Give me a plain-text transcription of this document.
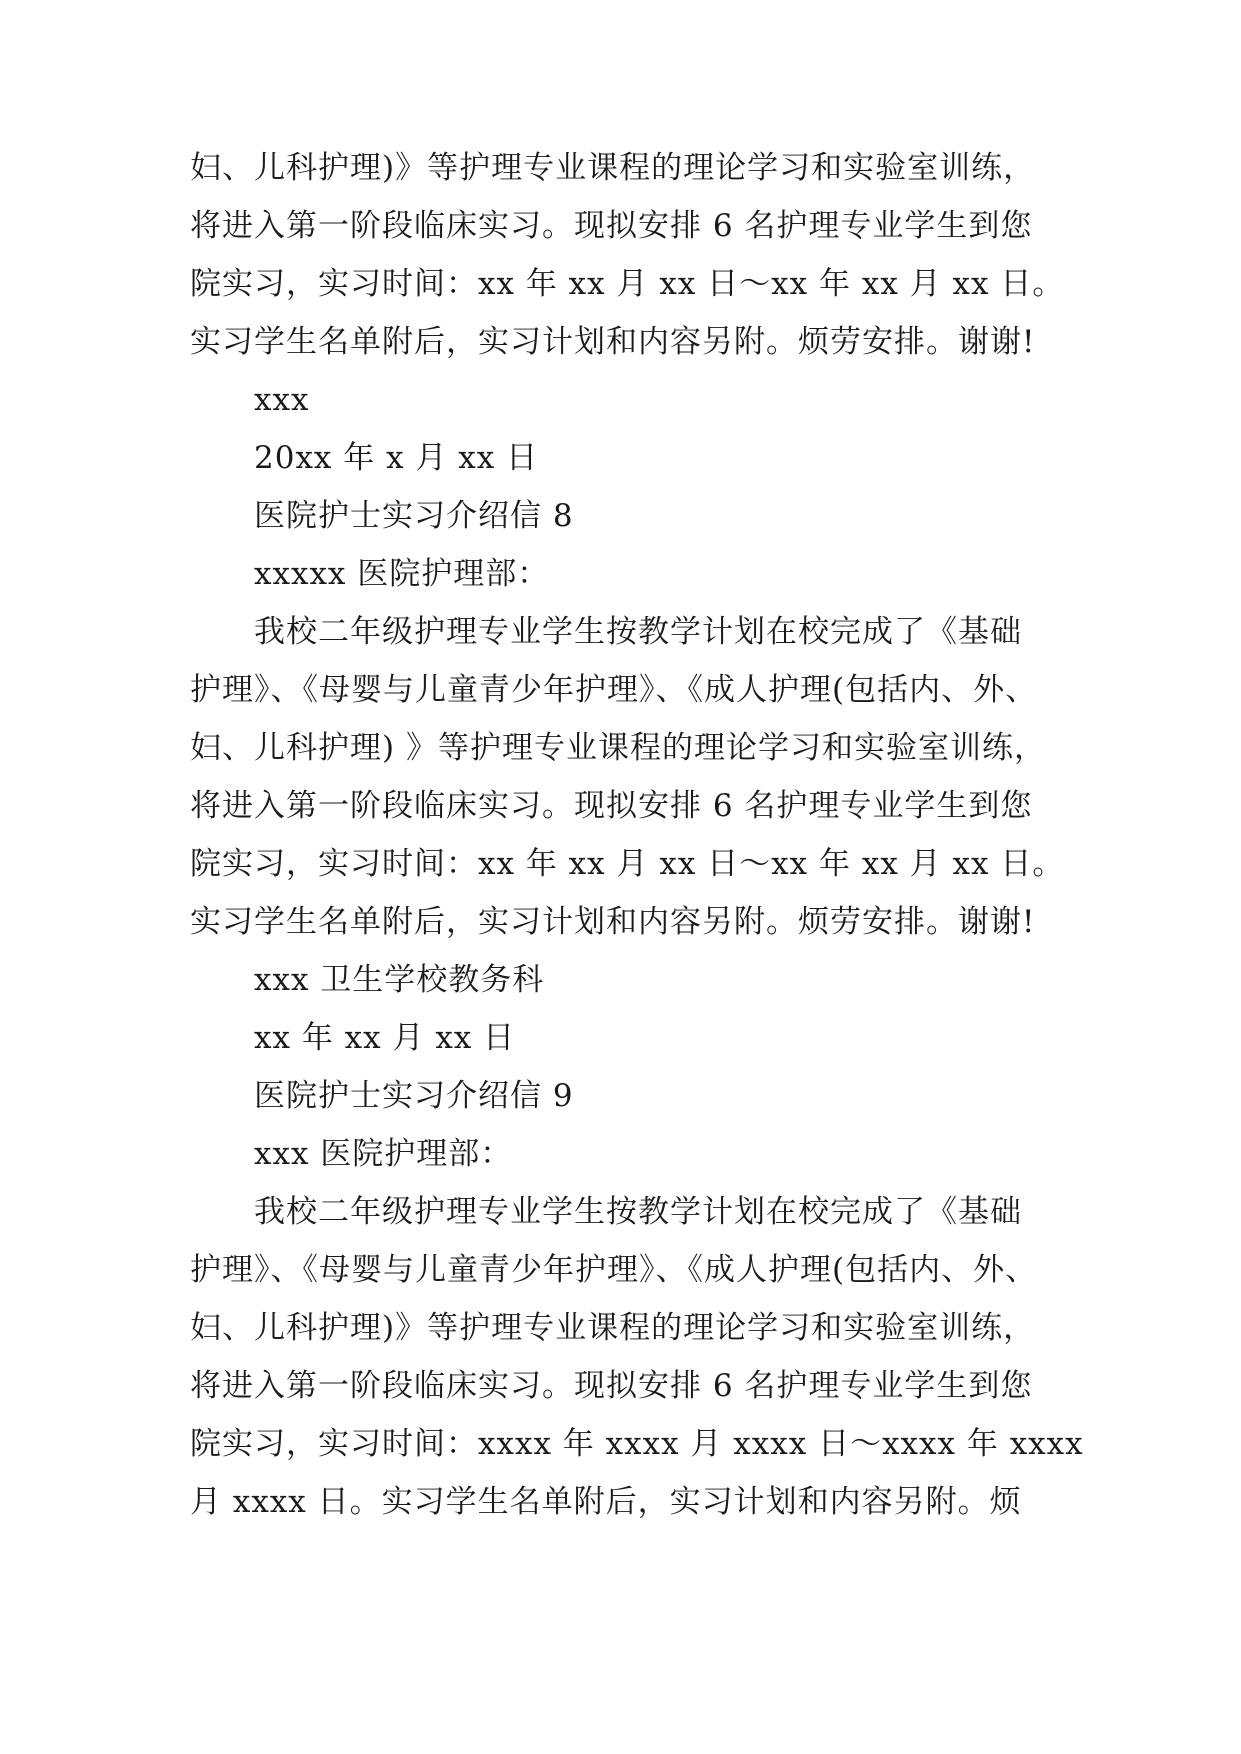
妇、儿科护理)》等护理专业课程的理论学习和实验室训练，
将进入第一阶段临床实习。现拟安排 6 名护理专业学生到您
院实习，实习时间：xx 年 xx 月 xx 日～xx 年 xx 月 xx 日。
实习学生名单附后，实习计划和内容另附。烦劳安排。谢谢!
xxx
20xx 年 x 月 xx 日
医院护士实习介绍信 8
xxxxx 医院护理部：
我校二年级护理专业学生按教学计划在校完成了《基础
护理》、《母婴与儿童青少年护理》、《成人护理(包括内、外、
妇、儿科护理) 》等护理专业课程的理论学习和实验室训练，
将进入第一阶段临床实习。现拟安排 6 名护理专业学生到您
院实习，实习时间：xx 年 xx 月 xx 日～xx 年 xx 月 xx 日。
实习学生名单附后，实习计划和内容另附。烦劳安排。谢谢!
xxx 卫生学校教务科
xx 年 xx 月 xx 日
医院护士实习介绍信 9
xxx 医院护理部：
我校二年级护理专业学生按教学计划在校完成了《基础
护理》、《母婴与儿童青少年护理》、《成人护理(包括内、外、
妇、儿科护理)》等护理专业课程的理论学习和实验室训练，
将进入第一阶段临床实习。现拟安排 6 名护理专业学生到您
院实习，实习时间：xxxx 年 xxxx 月 xxxx 日～xxxx 年 xxxx
月 xxxx 日。实习学生名单附后，实习计划和内容另附。烦
